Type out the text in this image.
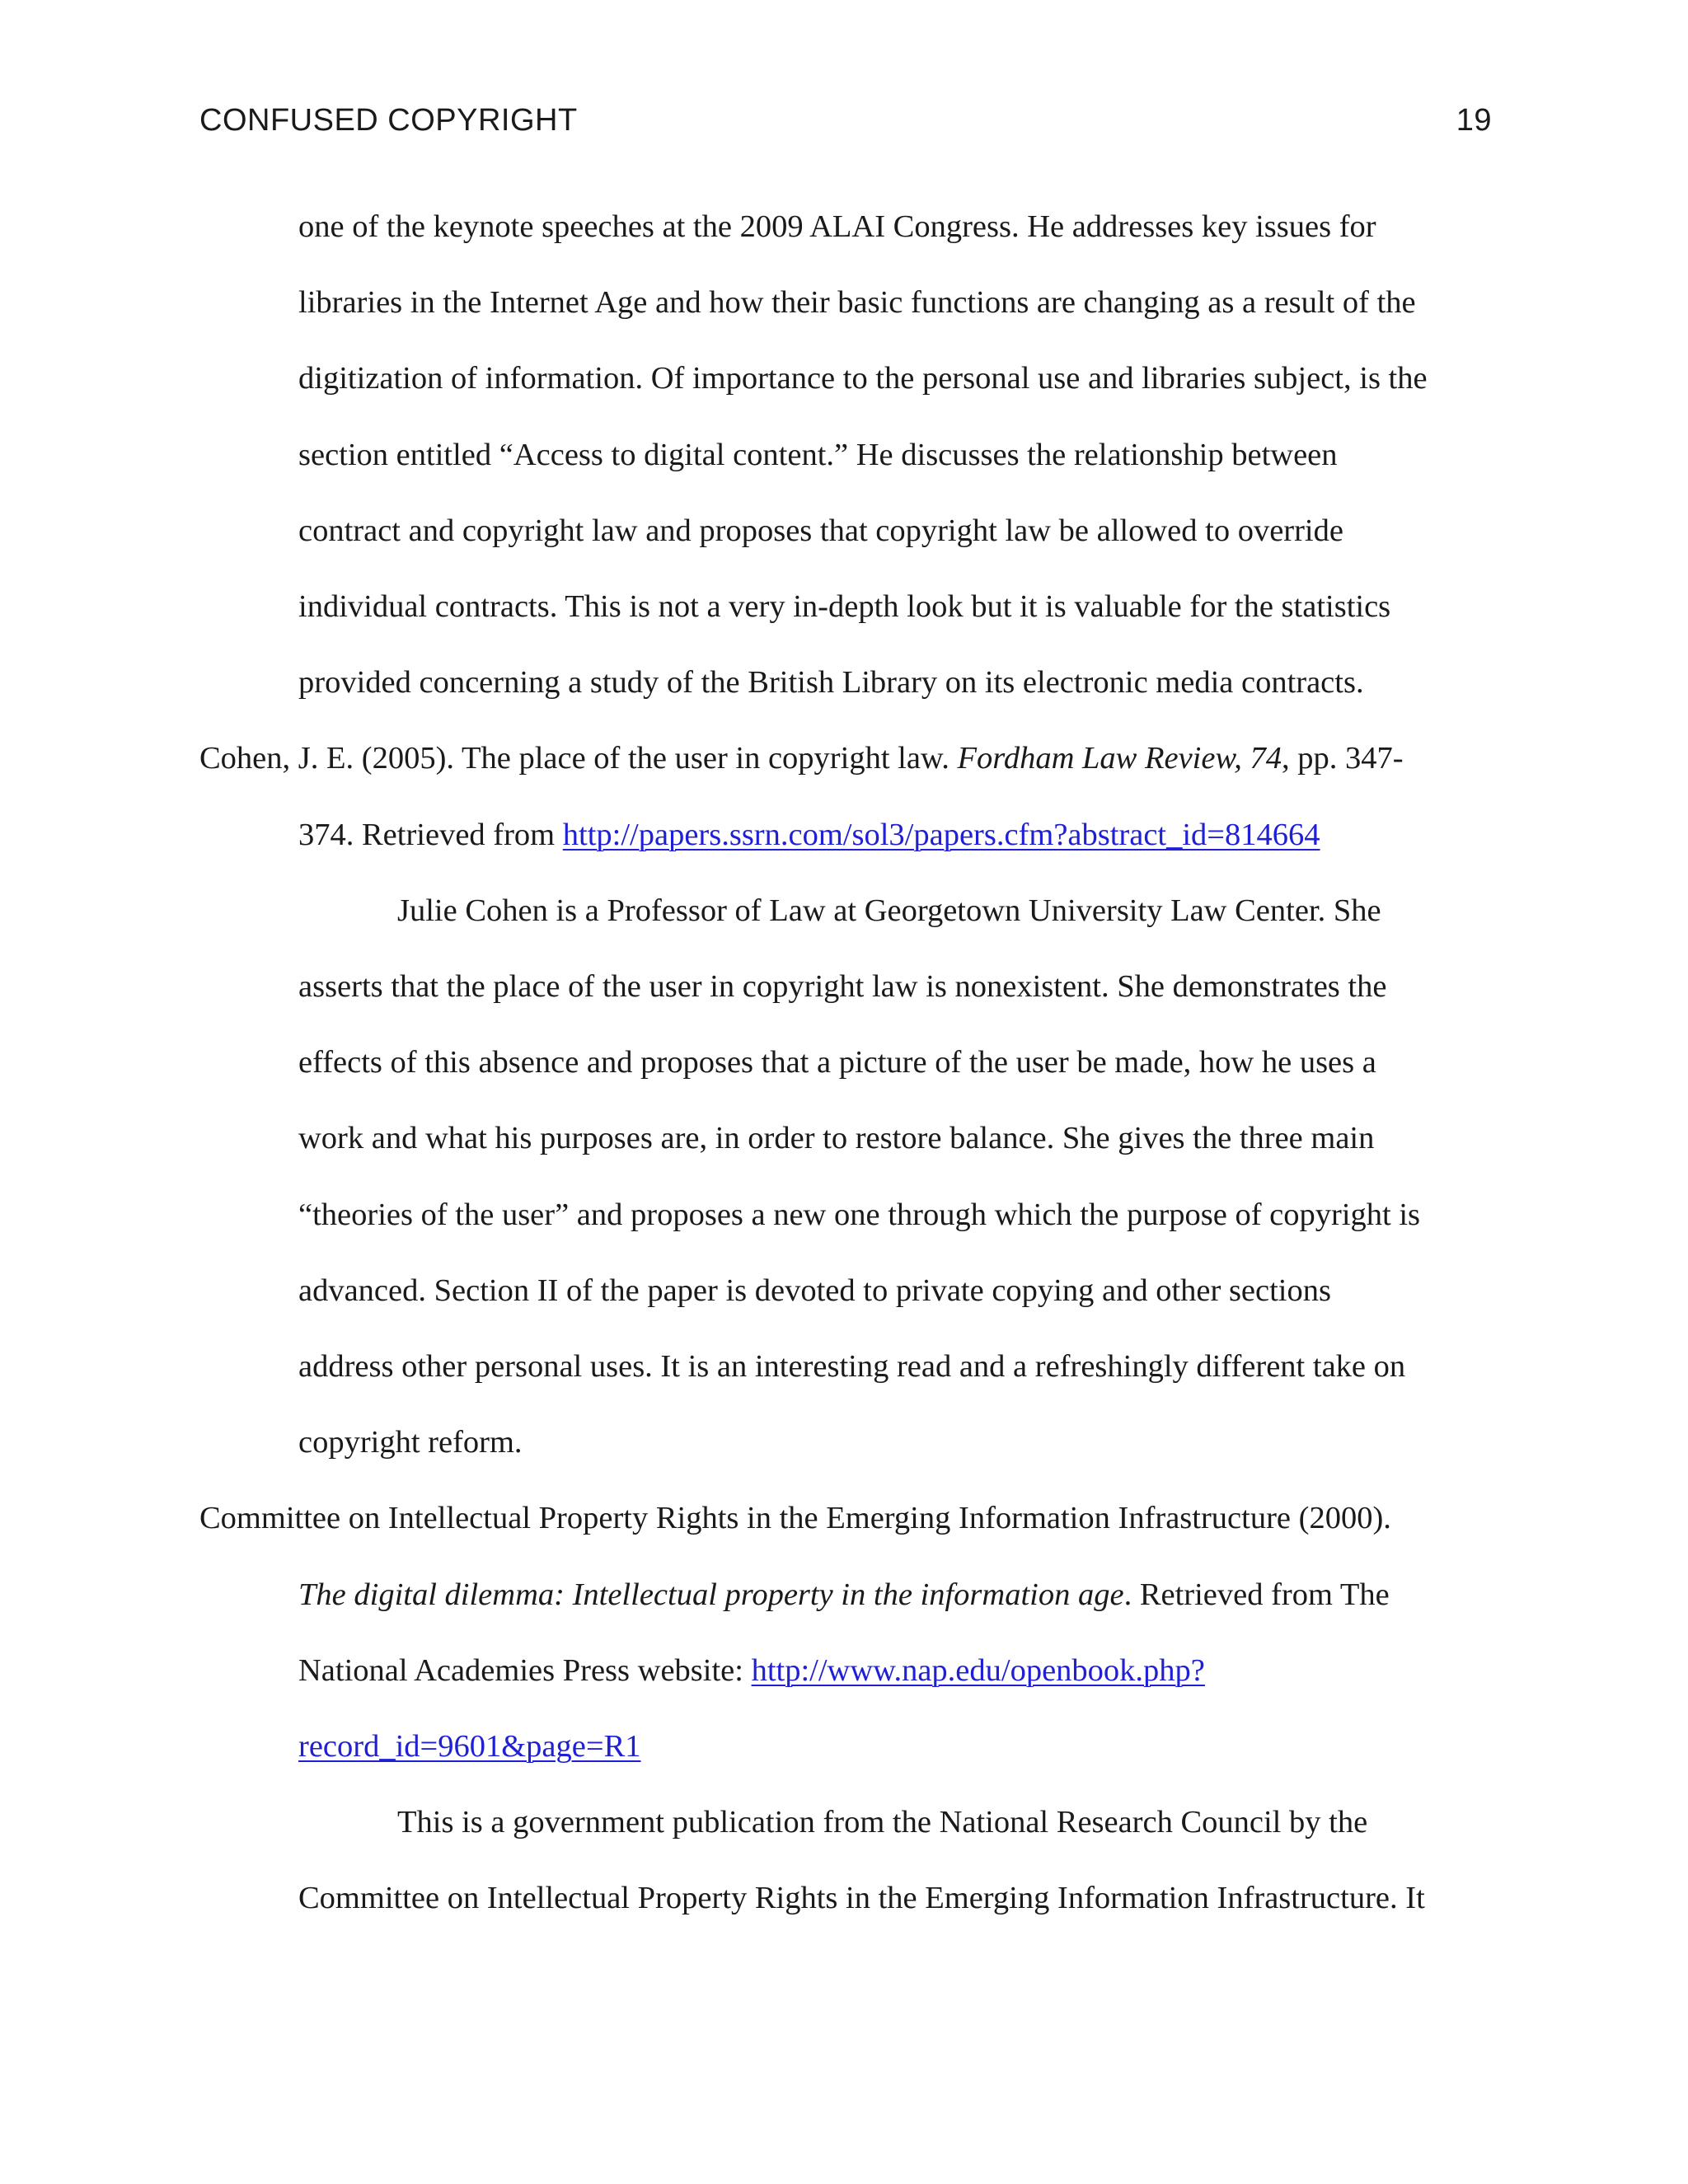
CONFUSED COPYRIGHT	19

one of the keynote speeches at the 2009 ALAI Congress. He addresses key issues for
libraries in the Internet Age and how their basic functions are changing as a result of the
digitization of information. Of importance to the personal use and libraries subject, is the
section entitled “Access to digital content.” He discusses the relationship between
contract and copyright law and proposes that copyright law be allowed to override
individual contracts. This is not a very in-depth look but it is valuable for the statistics
provided concerning a study of the British Library on its electronic media contracts.

Cohen, J. E. (2005). The place of the user in copyright law. Fordham Law Review, 74, pp. 347-
374. Retrieved from http://papers.ssrn.com/sol3/papers.cfm?abstract_id=814664

Julie Cohen is a Professor of Law at Georgetown University Law Center. She
asserts that the place of the user in copyright law is nonexistent. She demonstrates the
effects of this absence and proposes that a picture of the user be made, how he uses a
work and what his purposes are, in order to restore balance. She gives the three main
“theories of the user” and proposes a new one through which the purpose of copyright is
advanced. Section II of the paper is devoted to private copying and other sections
address other personal uses. It is an interesting read and a refreshingly different take on
copyright reform.

Committee on Intellectual Property Rights in the Emerging Information Infrastructure (2000).
The digital dilemma: Intellectual property in the information age. Retrieved from The
National Academies Press website: http://www.nap.edu/openbook.php?
record_id=9601&page=R1

This is a government publication from the National Research Council by the
Committee on Intellectual Property Rights in the Emerging Information Infrastructure. It
